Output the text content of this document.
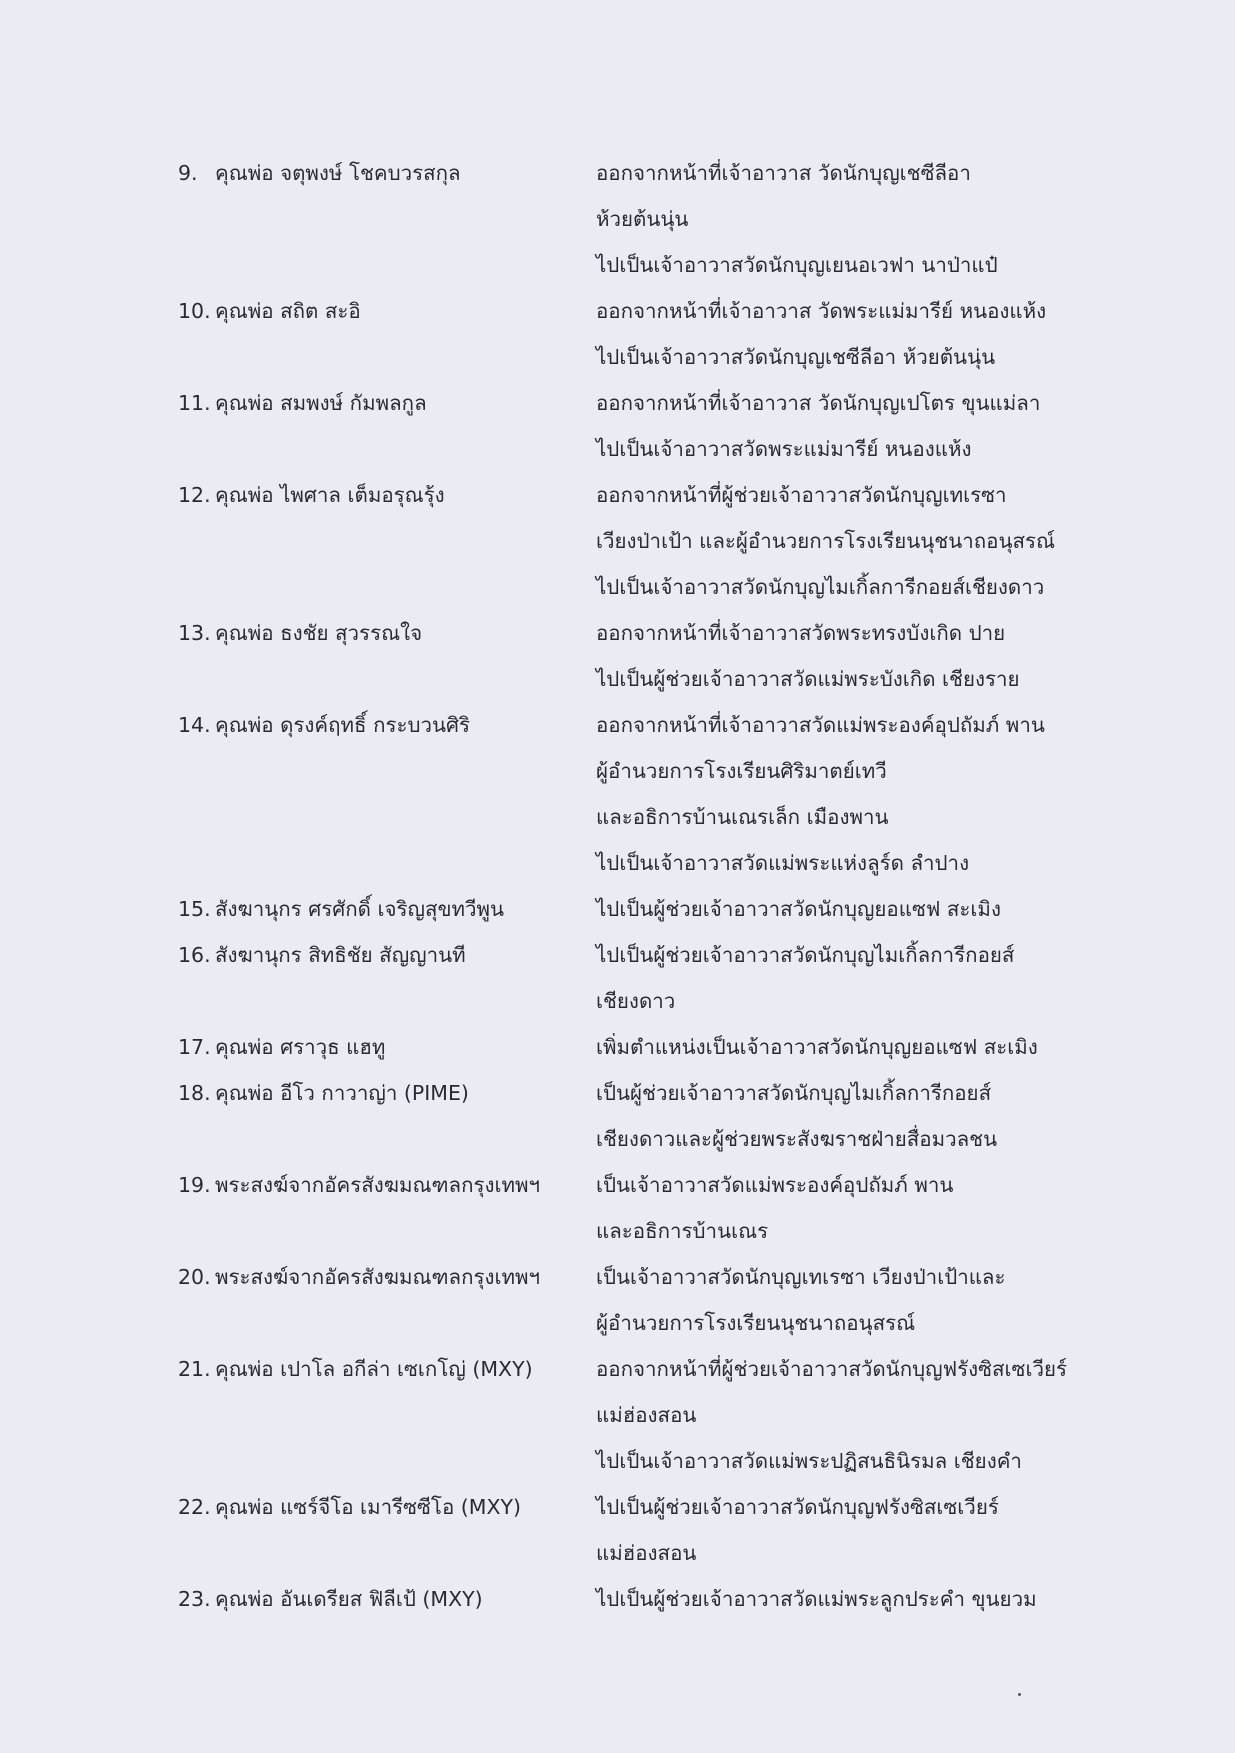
9. คุณพ่อ จตุพงษ์ โชคบวรสกุล	ออกจากหน้าที่เจ้าอาวาส วัดนักบุญเชซีลีอา
ห้วยต้นนุ่น
ไปเป็นเจ้าอาวาสวัดนักบุญเยนอเวฟา นาป่าแป๋
10. คุณพ่อ สถิต สะอิ	ออกจากหน้าที่เจ้าอาวาส วัดพระแม่มารีย์ หนองแห้ง
ไปเป็นเจ้าอาวาสวัดนักบุญเชซีลีอา ห้วยต้นนุ่น
11. คุณพ่อ สมพงษ์ กัมพลกูล	ออกจากหน้าที่เจ้าอาวาส วัดนักบุญเปโตร ขุนแม่ลา
ไปเป็นเจ้าอาวาสวัดพระแม่มารีย์ หนองแห้ง
12. คุณพ่อ ไพศาล เต็มอรุณรุ้ง	ออกจากหน้าที่ผู้ช่วยเจ้าอาวาสวัดนักบุญเทเรซา
เวียงป่าเป้า และผู้อำนวยการโรงเรียนนุชนาถอนุสรณ์
ไปเป็นเจ้าอาวาสวัดนักบุญไมเกิ้ลการีกอยส์เชียงดาว
13. คุณพ่อ ธงชัย สุวรรณใจ	ออกจากหน้าที่เจ้าอาวาสวัดพระทรงบังเกิด ปาย
ไปเป็นผู้ช่วยเจ้าอาวาสวัดแม่พระบังเกิด เชียงราย
14. คุณพ่อ ดุรงค์ฤทธิ์ กระบวนศิริ	ออกจากหน้าที่เจ้าอาวาสวัดแม่พระองค์อุปถัมภ์ พาน
ผู้อำนวยการโรงเรียนศิริมาตย์เทวี
และอธิการบ้านเณรเล็ก เมืองพาน
ไปเป็นเจ้าอาวาสวัดแม่พระแห่งลูร์ด ลำปาง
15. สังฆานุกร ศรศักดิ์ เจริญสุขทวีพูน	ไปเป็นผู้ช่วยเจ้าอาวาสวัดนักบุญยอแซฟ สะเมิง
16. สังฆานุกร สิทธิชัย สัญญานที	ไปเป็นผู้ช่วยเจ้าอาวาสวัดนักบุญไมเกิ้ลการีกอยส์
เชียงดาว
17. คุณพ่อ ศราวุธ แฮทู	เพิ่มตำแหน่งเป็นเจ้าอาวาสวัดนักบุญยอแซฟ สะเมิง
18. คุณพ่อ อีโว กาวาญ่า (PIME)	เป็นผู้ช่วยเจ้าอาวาสวัดนักบุญไมเกิ้ลการีกอยส์
เชียงดาวและผู้ช่วยพระสังฆราชฝ่ายสื่อมวลชน
19. พระสงฆ์จากอัครสังฆมณฑลกรุงเทพฯ	เป็นเจ้าอาวาสวัดแม่พระองค์อุปถัมภ์ พาน
และอธิการบ้านเณร
20. พระสงฆ์จากอัครสังฆมณฑลกรุงเทพฯ	เป็นเจ้าอาวาสวัดนักบุญเทเรซา เวียงป่าเป้าและ
ผู้อำนวยการโรงเรียนนุชนาถอนุสรณ์
21. คุณพ่อ เปาโล อกีล่า เซเกโญ่ (MXY)	ออกจากหน้าที่ผู้ช่วยเจ้าอาวาสวัดนักบุญฟรังซิสเซเวียร์
แม่ฮ่องสอน
ไปเป็นเจ้าอาวาสวัดแม่พระปฏิสนธินิรมล เชียงคำ
22. คุณพ่อ แซร์จีโอ เมารีซซีโอ (MXY)	ไปเป็นผู้ช่วยเจ้าอาวาสวัดนักบุญฟรังซิสเซเวียร์
แม่ฮ่องสอน
23. คุณพ่อ อันเดรียส ฟิลีเป้ (MXY)	ไปเป็นผู้ช่วยเจ้าอาวาสวัดแม่พระลูกประคำ ขุนยวม
